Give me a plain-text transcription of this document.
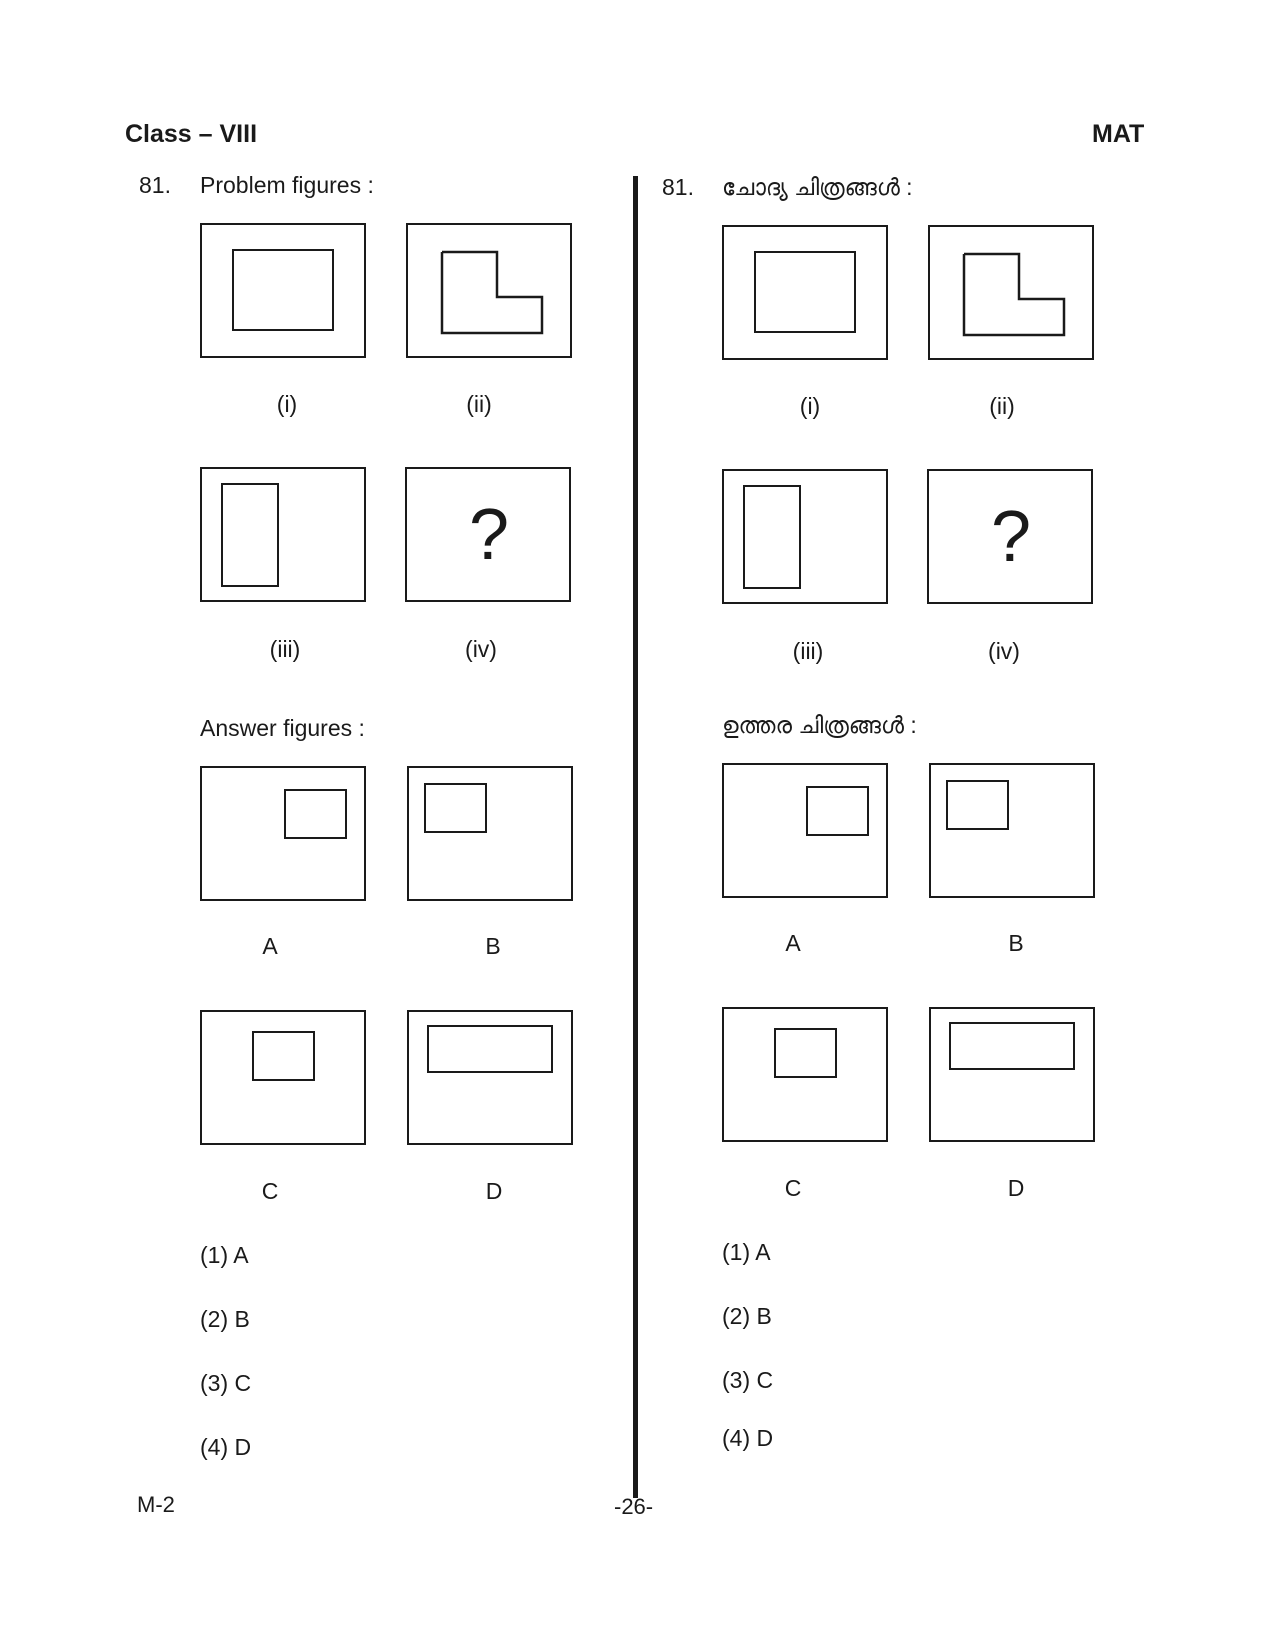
Class – VIII	MAT
81. Problem figures :
(i)	(ii)
?
(iii)	(iv)
Answer figures :
A	B
C	D
(1) A
(2) B
(3) C
(4) D
81. ചോദ്യ ചിത്രങ്ങൾ :
(i)	(ii)
?
(iii)	(iv)
ഉത്തര ചിത്രങ്ങൾ :
A	B
C	D
(1) A
(2) B
(3) C
(4) D
M-2	-26-
